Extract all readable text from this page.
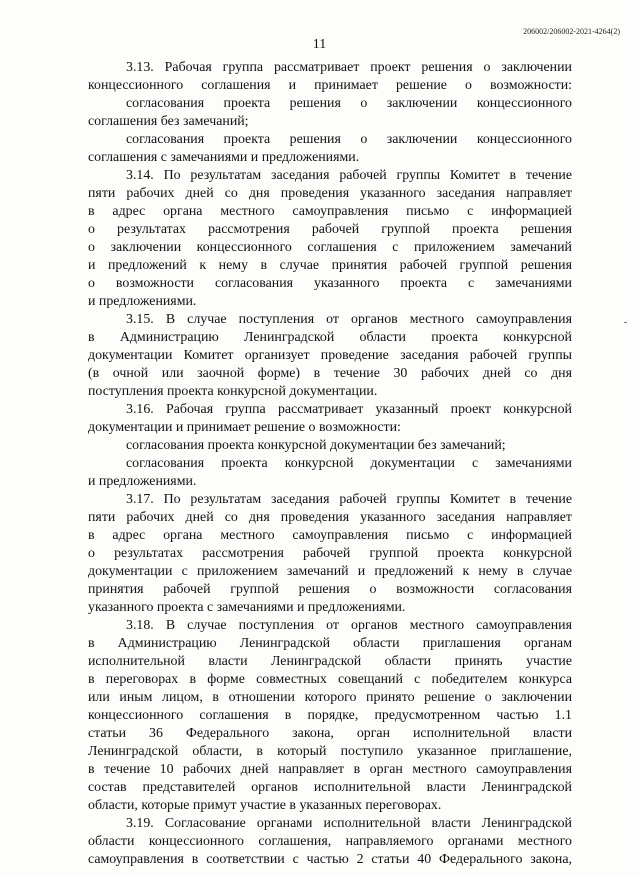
206002/206002-2021-4264(2)
11
3.13. Рабочая группа рассматривает проект решения о заключении
концессионного соглашения и принимает решение о возможности:
согласования проекта решения о заключении концессионного
соглашения без замечаний;
согласования проекта решения о заключении концессионного
соглашения с замечаниями и предложениями.
3.14. По результатам заседания рабочей группы Комитет в течение
пяти рабочих дней со дня проведения указанного заседания направляет
в адрес органа местного самоуправления письмо с информацией
о результатах рассмотрения рабочей группой проекта решения
о заключении концессионного соглашения с приложением замечаний
и предложений к нему в случае принятия рабочей группой решения
о возможности согласования указанного проекта с замечаниями
и предложениями.
3.15. В случае поступления от органов местного самоуправления
в Администрацию Ленинградской области проекта конкурсной
документации Комитет организует проведение заседания рабочей группы
(в очной или заочной форме) в течение 30 рабочих дней со дня
поступления проекта конкурсной документации.
3.16. Рабочая группа рассматривает указанный проект конкурсной
документации и принимает решение о возможности:
согласования проекта конкурсной документации без замечаний;
согласования проекта конкурсной документации с замечаниями
и предложениями.
3.17. По результатам заседания рабочей группы Комитет в течение
пяти рабочих дней со дня проведения указанного заседания направляет
в адрес органа местного самоуправления письмо с информацией
о результатах рассмотрения рабочей группой проекта конкурсной
документации с приложением замечаний и предложений к нему в случае
принятия рабочей группой решения о возможности согласования
указанного проекта с замечаниями и предложениями.
3.18. В случае поступления от органов местного самоуправления
в Администрацию Ленинградской области приглашения органам
исполнительной власти Ленинградской области принять участие
в переговорах в форме совместных совещаний с победителем конкурса
или иным лицом, в отношении которого принято решение о заключении
концессионного соглашения в порядке, предусмотренном частью 1.1
статьи 36 Федерального закона, орган исполнительной власти
Ленинградской области, в который поступило указанное приглашение,
в течение 10 рабочих дней направляет в орган местного самоуправления
состав представителей органов исполнительной власти Ленинградской
области, которые примут участие в указанных переговорах.
3.19. Согласование органами исполнительной власти Ленинградской
области концессионного соглашения, направляемого органами местного
самоуправления в соответствии с частью 2 статьи 40 Федерального закона,
